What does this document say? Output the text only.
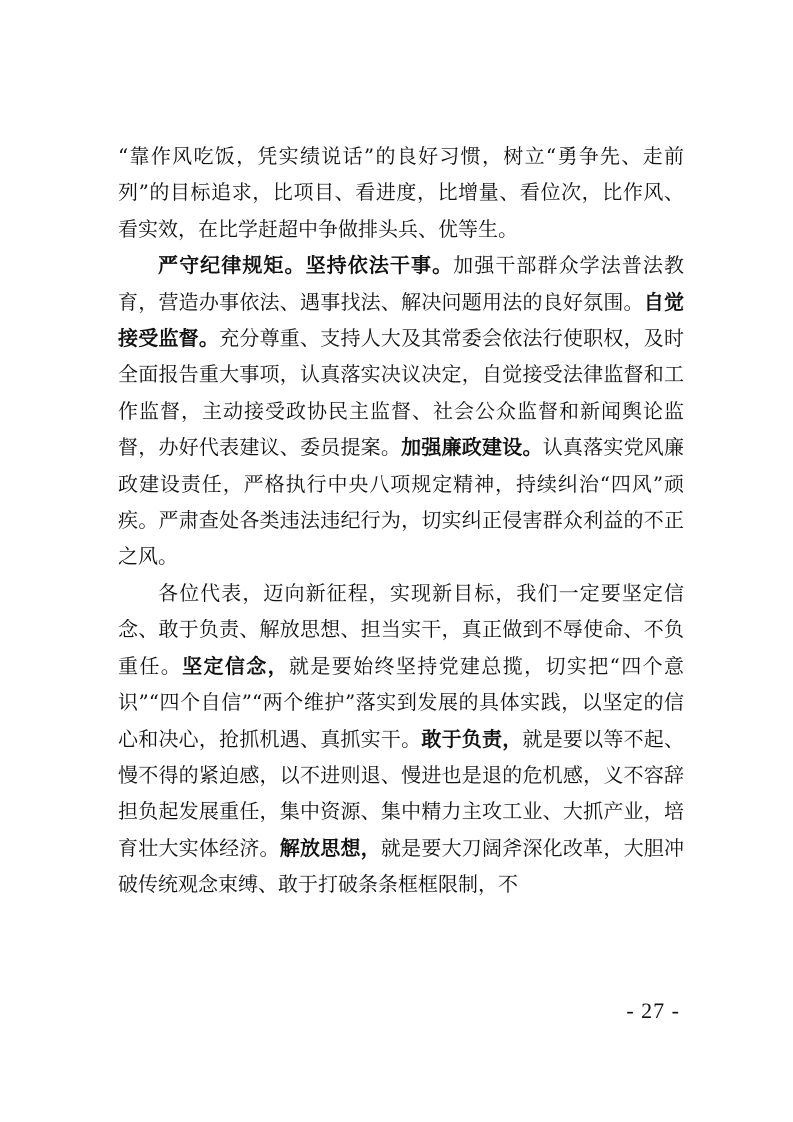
“靠作风吃饭，凭实绩说话”的良好习惯，树立“勇争先、走前列”的目标追求，比项目、看进度，比增量、看位次，比作风、看实效，在比学赶超中争做排头兵、优等生。

严守纪律规矩。坚持依法干事。加强干部群众学法普法教育，营造办事依法、遇事找法、解决问题用法的良好氛围。自觉接受监督。充分尊重、支持人大及其常委会依法行使职权，及时全面报告重大事项，认真落实决议决定，自觉接受法律监督和工作监督，主动接受政协民主监督、社会公众监督和新闻舆论监督，办好代表建议、委员提案。加强廉政建设。认真落实党风廉政建设责任，严格执行中央八项规定精神，持续纠治“四风”顽疾。严肃查处各类违法违纪行为，切实纠正侵害群众利益的不正之风。

各位代表，迈向新征程，实现新目标，我们一定要坚定信念、敢于负责、解放思想、担当实干，真正做到不辱使命、不负重任。坚定信念，就是要始终坚持党建总揽，切实把“四个意识”“四个自信”“两个维护”落实到发展的具体实践，以坚定的信心和决心，抢抓机遇、真抓实干。敢于负责，就是要以等不起、慢不得的紧迫感，以不进则退、慢进也是退的危机感，义不容辞担负起发展重任，集中资源、集中精力主攻工业、大抓产业，培育壮大实体经济。解放思想，就是要大刀阔斧深化改革，大胆冲破传统观念束缚、敢于打破条条框框限制，不

- 27 -
